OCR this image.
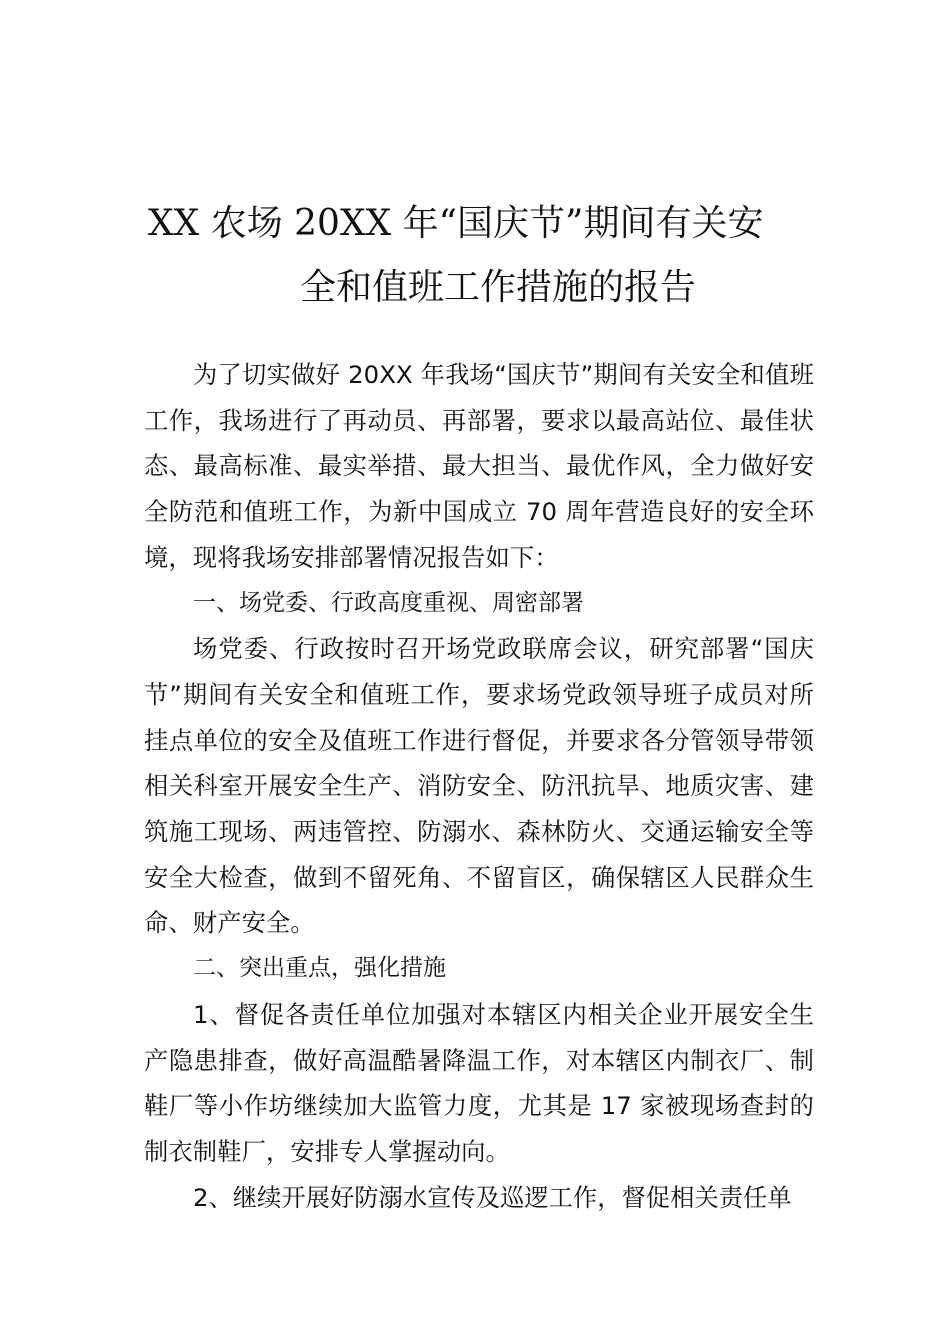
XX 农场 20XX 年“国庆节”期间有关安
全和值班工作措施的报告

为了切实做好 20XX 年我场“国庆节”期间有关安全和值班工作，我场进行了再动员、再部署，要求以最高站位、最佳状态、最高标准、最实举措、最大担当、最优作风，全力做好安全防范和值班工作，为新中国成立 70 周年营造良好的安全环境，现将我场安排部署情况报告如下：

一、场党委、行政高度重视、周密部署

场党委、行政按时召开场党政联席会议，研究部署“国庆节”期间有关安全和值班工作，要求场党政领导班子成员对所挂点单位的安全及值班工作进行督促，并要求各分管领导带领相关科室开展安全生产、消防安全、防汛抗旱、地质灾害、建筑施工现场、两违管控、防溺水、森林防火、交通运输安全等安全大检查，做到不留死角、不留盲区，确保辖区人民群众生命、财产安全。

二、突出重点，强化措施

1、督促各责任单位加强对本辖区内相关企业开展安全生产隐患排查，做好高温酷暑降温工作，对本辖区内制衣厂、制鞋厂等小作坊继续加大监管力度，尤其是 17 家被现场查封的制衣制鞋厂，安排专人掌握动向。

2、继续开展好防溺水宣传及巡逻工作，督促相关责任单
